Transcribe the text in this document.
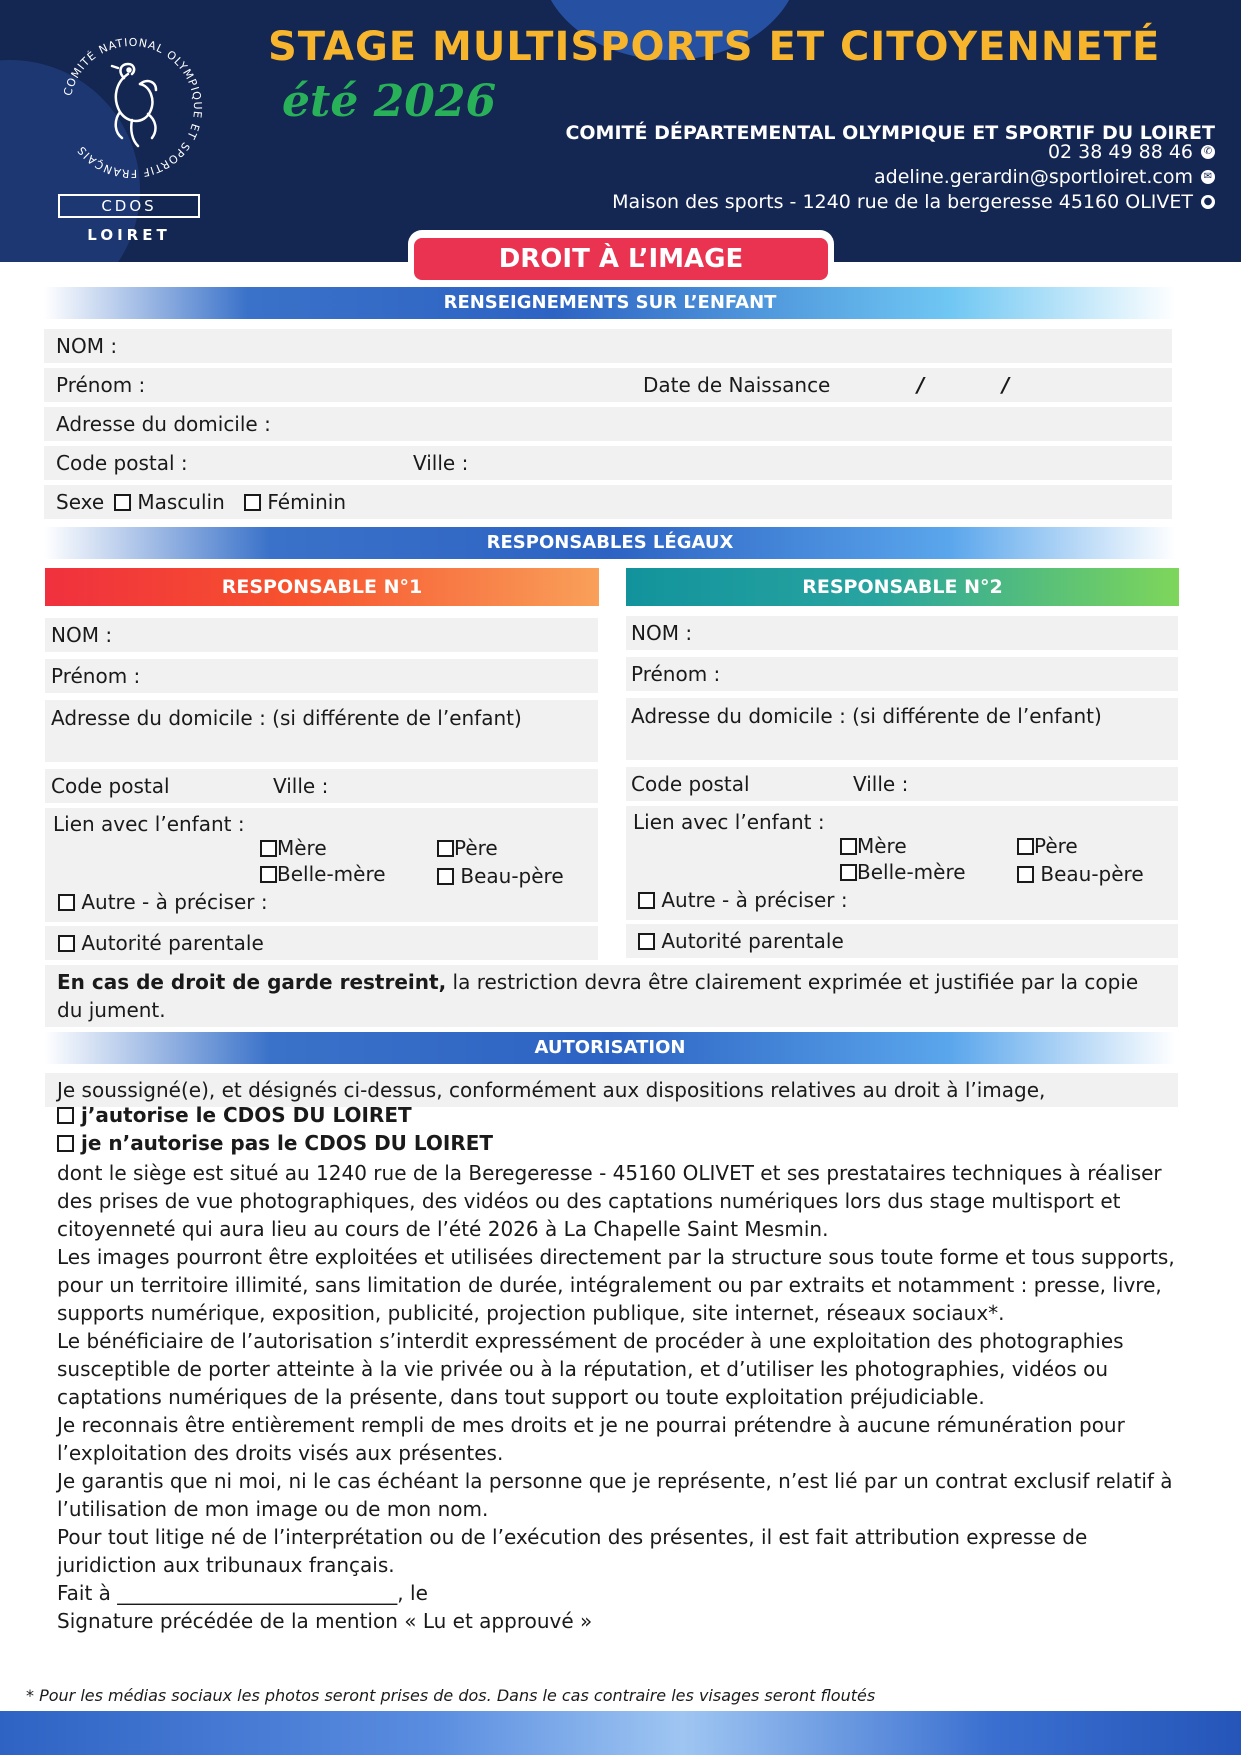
COMITÉ NATIONAL OLYMPIQUE ET SPORTIF FRANÇAIS
CDOS
LOIRET
STAGE MULTISPORTS ET CITOYENNETÉ
été 2026
COMITÉ DÉPARTEMENTAL OLYMPIQUE ET SPORTIF DU LOIRET
02 38 49 88 46 ✆
adeline.gerardin@sportloiret.com ✉
Maison des sports - 1240 rue de la bergeresse 45160 OLIVET ●
DROIT À L’IMAGE
RENSEIGNEMENTS SUR L’ENFANT
NOM :
Prénom :	Date de Naissance	/	/
Adresse du domicile :
Code postal :	Ville :
Sexe	Masculin	Féminin
RESPONSABLES LÉGAUX
RESPONSABLE N°1	RESPONSABLE N°2
NOM :
Prénom :
Adresse du domicile : (si différente de l’enfant)
Code postal	Ville :
Lien avec l’enfant :
Mère	Père
Belle-mère	Beau-père
Autre - à préciser :
Autorité parentale
NOM :
Prénom :
Adresse du domicile : (si différente de l’enfant)
Code postal	Ville :
Lien avec l’enfant :
Mère	Père
Belle-mère	Beau-père
Autre - à préciser :
Autorité parentale
En cas de droit de garde restreint, la restriction devra être clairement exprimée et justifiée par la copie du jument.
AUTORISATION
Je soussigné(e), et désignés ci-dessus, conformément aux dispositions relatives au droit à l’image,
j’autorise le CDOS DU LOIRET
je n’autorise pas le CDOS DU LOIRET
dont le siège est situé au 1240 rue de la Beregeresse - 45160 OLIVET et ses prestataires techniques à réaliser des prises de vue photographiques, des vidéos ou des captations numériques lors dus stage multisport et citoyenneté qui aura lieu au cours de l’été 2026 à La Chapelle Saint Mesmin.
Les images pourront être exploitées et utilisées directement par la structure sous toute forme et tous supports, pour un territoire illimité, sans limitation de durée, intégralement ou par extraits et notamment : presse, livre, supports numérique, exposition, publicité, projection publique, site internet, réseaux sociaux*.
Le bénéficiaire de l’autorisation s’interdit expressément de procéder à une exploitation des photographies susceptible de porter atteinte à la vie privée ou à la réputation, et d’utiliser les photographies, vidéos ou captations numériques de la présente, dans tout support ou toute exploitation préjudiciable.
Je reconnais être entièrement rempli de mes droits et je ne pourrai prétendre à aucune rémunération pour l’exploitation des droits visés aux présentes.
Je garantis que ni moi, ni le cas échéant la personne que je représente, n’est lié par un contrat exclusif relatif à l’utilisation de mon image ou de mon nom.
Pour tout litige né de l’interprétation ou de l’exécution des présentes, il est fait attribution expresse de juridiction aux tribunaux français.
Fait à ____________________________, le
Signature précédée de la mention « Lu et approuvé »
* Pour les médias sociaux les photos seront prises de dos. Dans le cas contraire les visages seront floutés
